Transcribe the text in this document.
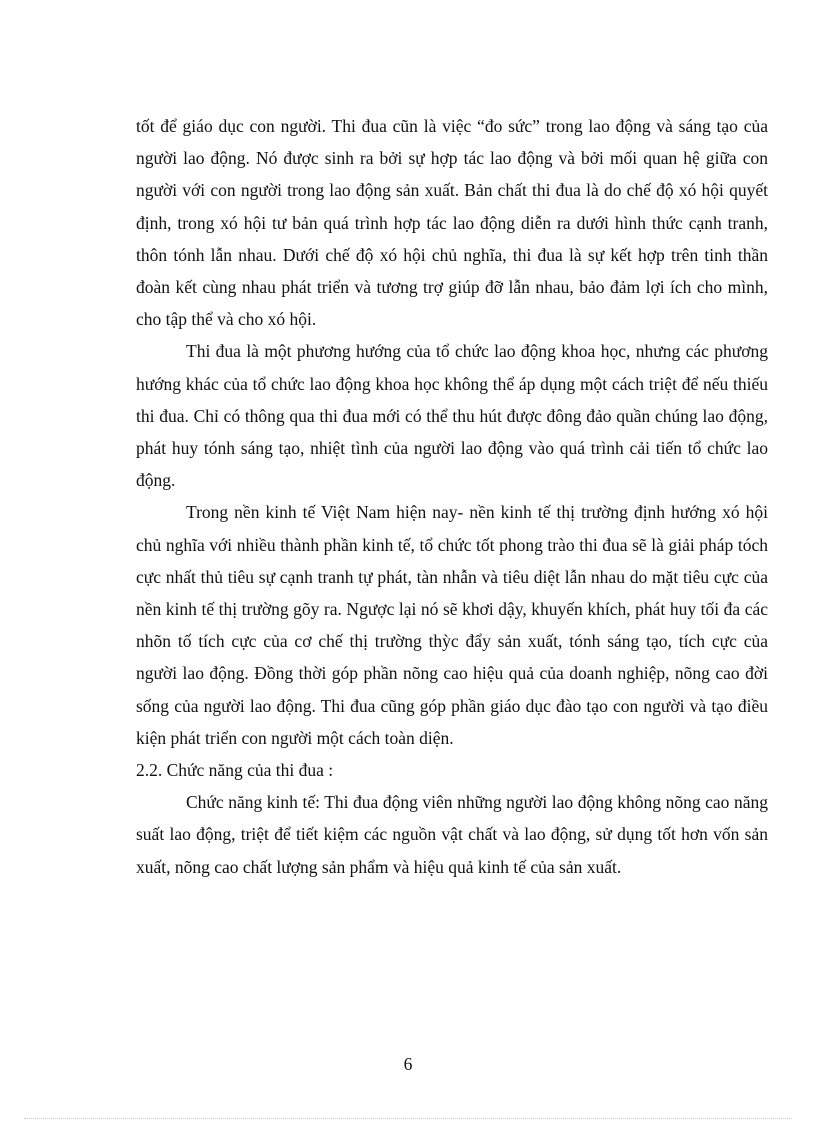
tốt để giáo dục con người. Thi đua cũn là việc “đo sức” trong lao động và sáng tạo của người lao động. Nó được sinh ra bởi sự hợp tác lao động và bởi mối quan hệ giữa con người với con người trong lao động sản xuất. Bản chất thi đua là do chế độ xó hội quyết định, trong xó hội tư bản quá trình hợp tác lao động diễn ra dưới hình thức cạnh tranh, thôn tónh lẫn nhau. Dưới chế độ xó hội chủ nghĩa, thi đua là sự kết hợp trên tinh thần đoàn kết cùng nhau phát triển và tương trợ giúp đỡ lẫn nhau, bảo đảm lợi ích cho mình, cho tập thể và cho xó hội.

Thi đua là một phương hướng của tổ chức lao động khoa học, nhưng các phương hướng khác của tổ chức lao động khoa học không thể áp dụng một cách triệt để nếu thiếu thi đua. Chỉ có thông qua thi đua mới có thể thu hút được đông đảo quần chúng lao động, phát huy tónh sáng tạo, nhiệt tình của người lao động vào quá trình cải tiến tổ chức lao động.

Trong nền kinh tế Việt Nam hiện nay- nền kinh tế thị trường định hướng xó hội chủ nghĩa với nhiều thành phần kinh tế, tổ chức tốt phong trào thi đua sẽ là giải pháp tóch cực nhất thủ tiêu sự cạnh tranh tự phát, tàn nhẫn và tiêu diệt lẫn nhau do mặt tiêu cực của nền kinh tế thị trường gõy ra. Ngược lại nó sẽ khơi dậy, khuyến khích, phát huy tối đa các nhõn tố tích cực của cơ chế thị trường thỳc đẩy sản xuất, tónh sáng tạo, tích cực của người lao động. Đồng thời góp phần nõng cao hiệu quả của doanh nghiệp, nõng cao đời sống của người lao động. Thi đua cũng góp phần giáo dục đào tạo con người và tạo điều kiện phát triển con người một cách toàn diện.

2.2. Chức năng của thi đua :

Chức năng kinh tế: Thi đua động viên những người lao động không nõng cao năng suất lao động, triệt để tiết kiệm các nguồn vật chất và lao động, sử dụng tốt hơn vốn sản xuất, nõng cao chất lượng sản phẩm và hiệu quả kinh tế của sản xuất.

6
